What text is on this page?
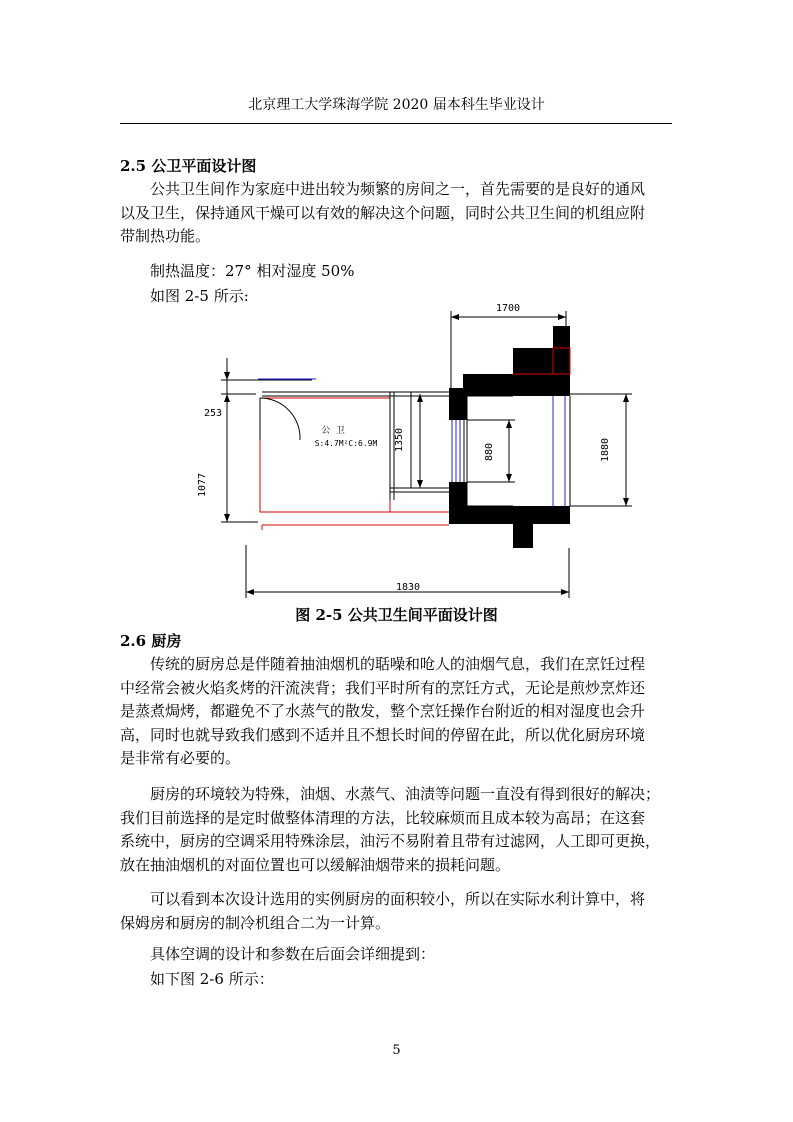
北京理工大学珠海学院 2020 届本科生毕业设计
2.5 公卫平面设计图
公共卫生间作为家庭中进出较为频繁的房间之一，首先需要的是良好的通风
以及卫生，保持通风干燥可以有效的解决这个问题，同时公共卫生间的机组应附
带制热功能。
制热温度：27° 相对湿度 50%
如图 2-5 所示:
1700
253
1077
公 卫
S:4.7M²C:6.9M 1350	880	1880
1830
图 2-5 公共卫生间平面设计图
2.6 厨房
传统的厨房总是伴随着抽油烟机的聒噪和呛人的油烟气息，我们在烹饪过程
中经常会被火焰炙烤的汗流浃背；我们平时所有的烹饪方式，无论是煎炒烹炸还
是蒸煮焗烤，都避免不了水蒸气的散发，整个烹饪操作台附近的相对湿度也会升
高，同时也就导致我们感到不适并且不想长时间的停留在此，所以优化厨房环境
是非常有必要的。
厨房的环境较为特殊，油烟、水蒸气、油渍等问题一直没有得到很好的解决；
我们目前选择的是定时做整体清理的方法，比较麻烦而且成本较为高昂；在这套
系统中，厨房的空调采用特殊涂层，油污不易附着且带有过滤网，人工即可更换，
放在抽油烟机的对面位置也可以缓解油烟带来的损耗问题。
可以看到本次设计选用的实例厨房的面积较小，所以在实际水利计算中，将
保姆房和厨房的制冷机组合二为一计算。
具体空调的设计和参数在后面会详细提到：
如下图 2-6 所示：
5
